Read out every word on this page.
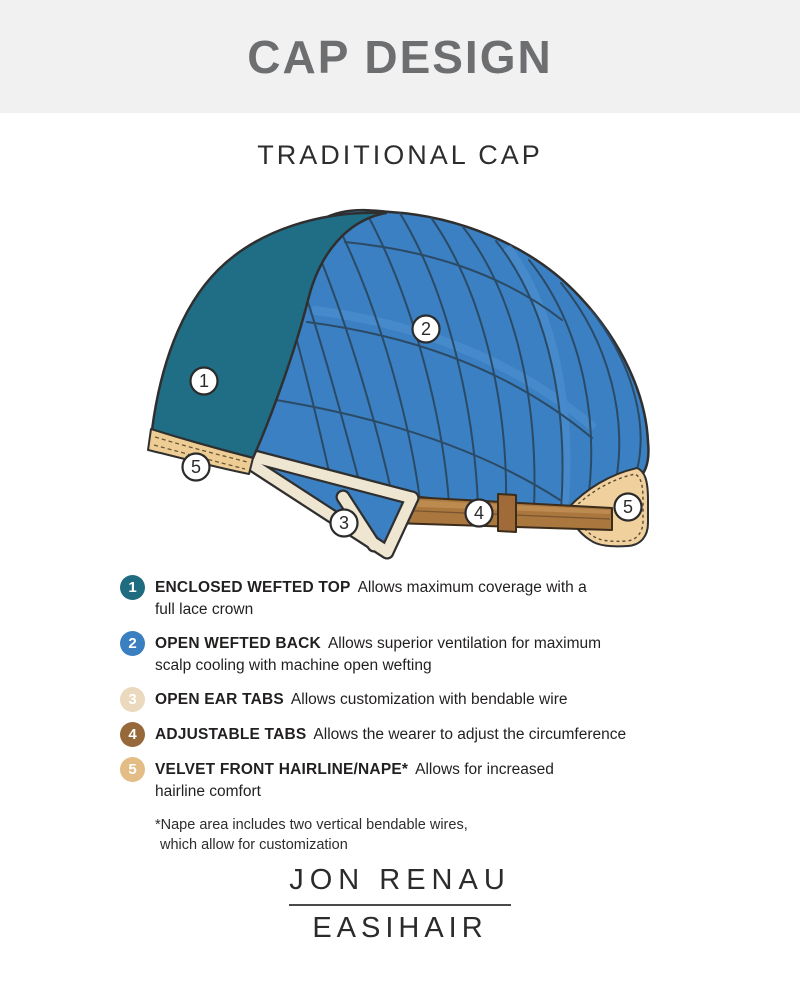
CAP DESIGN
TRADITIONAL CAP
1
2
3	4
5
5
1	ENCLOSED WEFTED TOP Allows maximum coverage with a
full lace crown
2	OPEN WEFTED BACK Allows superior ventilation for maximum
scalp cooling with machine open wefting
3	OPEN EAR TABS Allows customization with bendable wire
4	ADJUSTABLE TABS Allows the wearer to adjust the circumference
5	VELVET FRONT HAIRLINE/NAPE* Allows for increased
hairline comfort
*Nape area includes two vertical bendable wires,
which allow for customization
JON RENAU
EASIHAIR
